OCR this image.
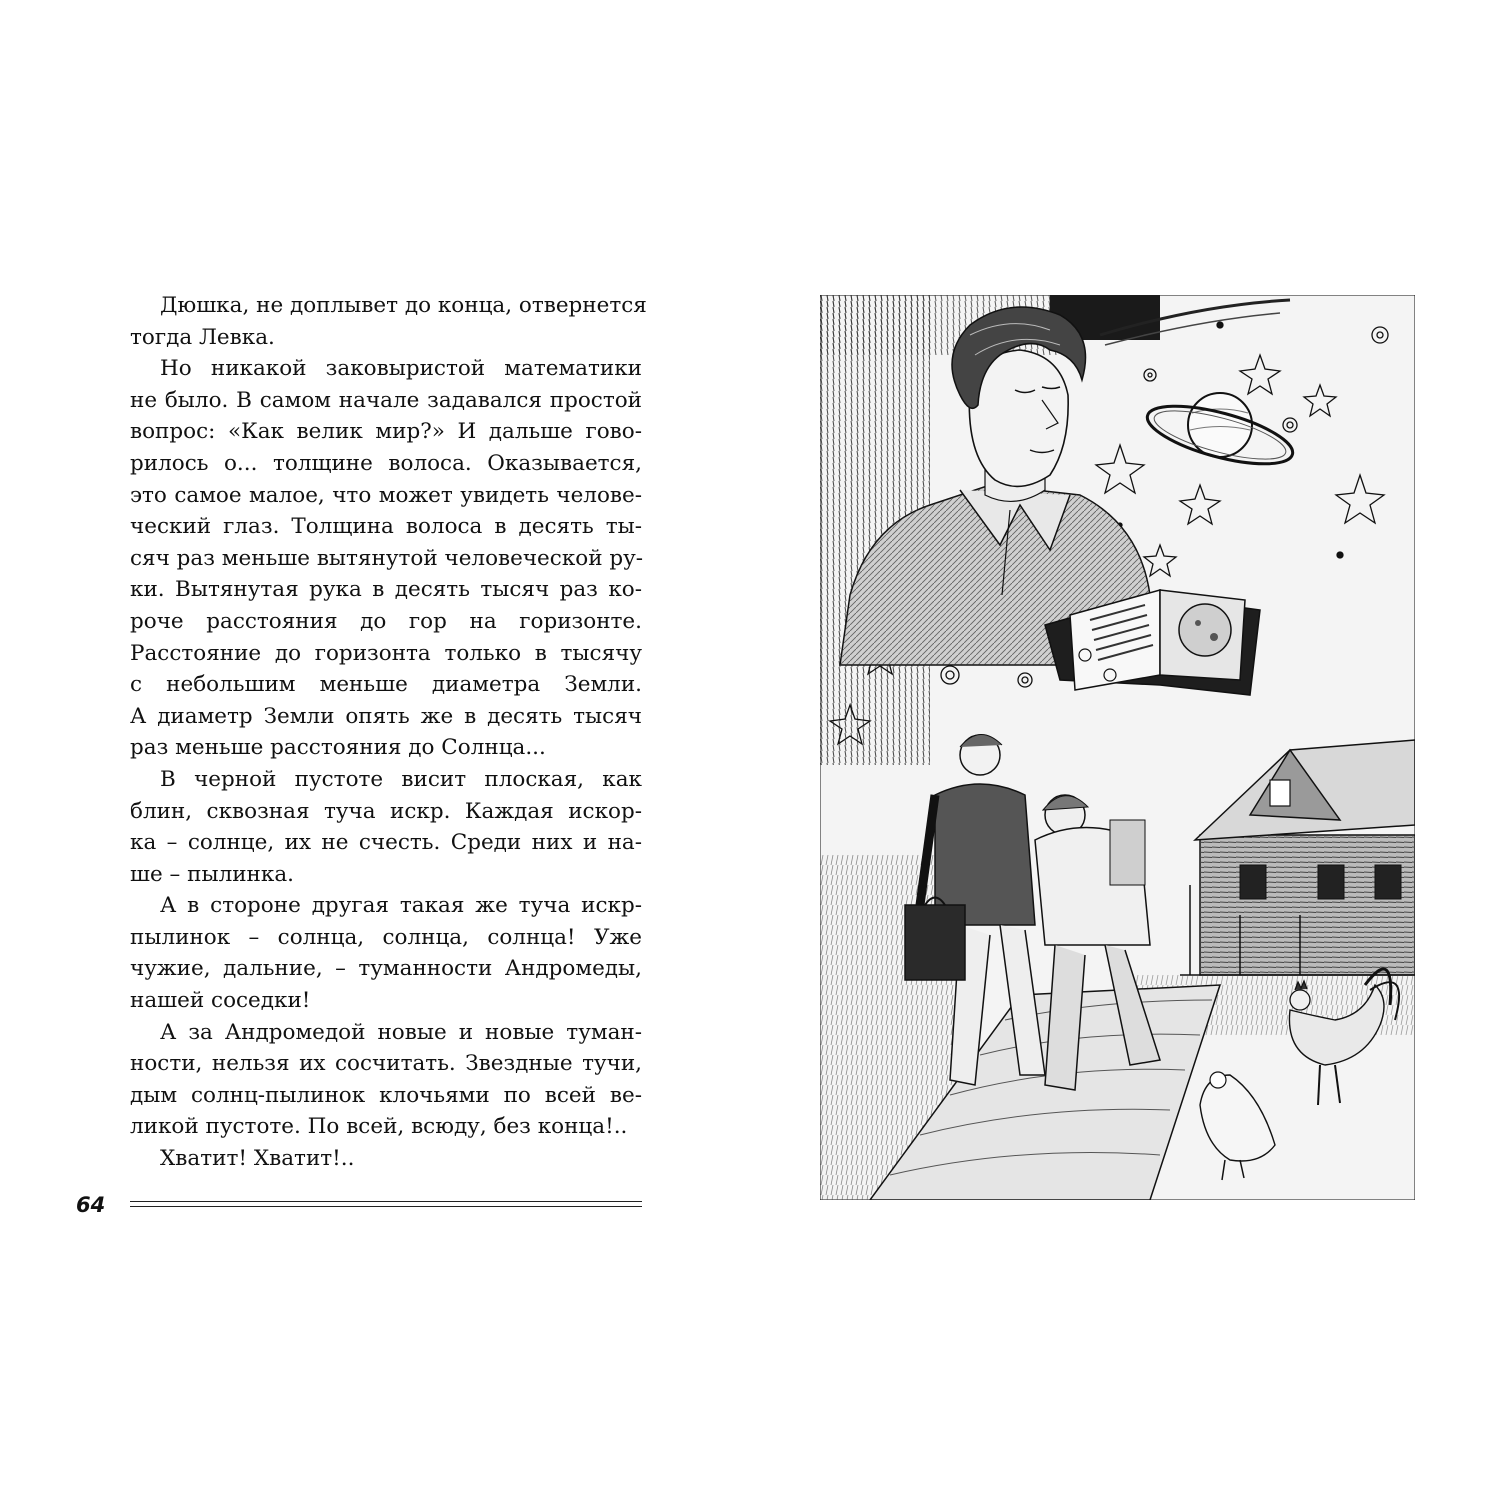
Дюшка, не доплывет до конца, отвернется
тогда Левка.
Но никакой заковыристой математики
не было. В самом начале задавался простой
вопрос: «Как велик мир?» И дальше гово-
рилось о... толщине волоса. Оказывается,
это самое малое, что может увидеть челове-
ческий глаз. Толщина волоса в десять ты-
сяч раз меньше вытянутой человеческой ру-
ки. Вытянутая рука в десять тысяч раз ко-
роче расстояния до гор на горизонте.
Расстояние до горизонта только в тысячу
с небольшим меньше диаметра Земли.
А диаметр Земли опять же в десять тысяч
раз меньше расстояния до Солнца...
В черной пустоте висит плоская, как
блин, сквозная туча искр. Каждая искор-
ка – солнце, их не счесть. Среди них и на-
ше – пылинка.
А в стороне другая такая же туча искр-
пылинок – солнца, солнца, солнца! Уже
чужие, дальние, – туманности Андромеды,
нашей соседки!
А за Андромедой новые и новые туман-
ности, нельзя их сосчитать. Звездные тучи,
дым солнц-пылинок клочьями по всей ве-
ликой пустоте. По всей, всюду, без конца!..
Хватит! Хватит!..
64
